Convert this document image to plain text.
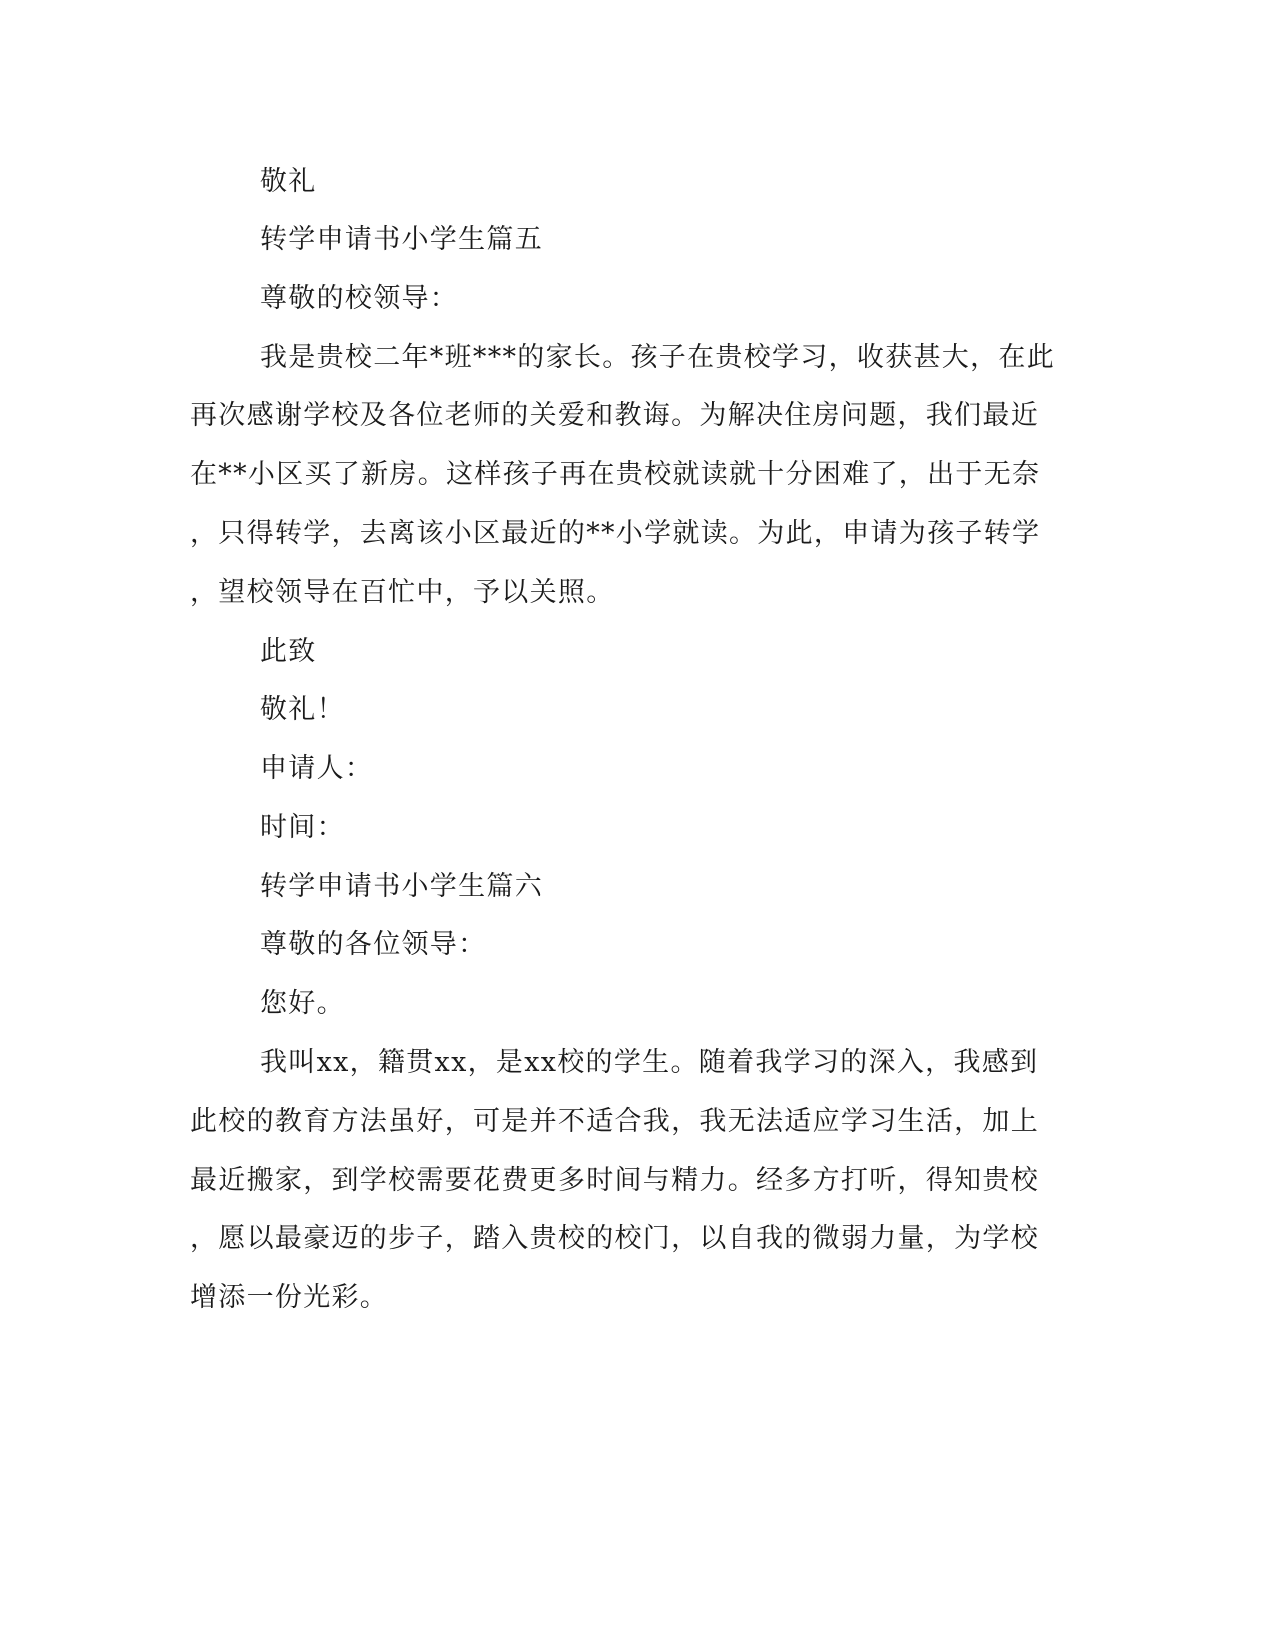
敬礼
转学申请书小学生篇五
尊敬的校领导：
我是贵校二年*班***的家长。孩子在贵校学习，收获甚大，在此
再次感谢学校及各位老师的关爱和教诲。为解决住房问题，我们最近
在**小区买了新房。这样孩子再在贵校就读就十分困难了，出于无奈
，只得转学，去离该小区最近的**小学就读。为此，申请为孩子转学
，望校领导在百忙中，予以关照。
此致
敬礼！
申请人：
时间：
转学申请书小学生篇六
尊敬的各位领导：
您好。
我叫xx，籍贯xx，是xx校的学生。随着我学习的深入，我感到
此校的教育方法虽好，可是并不适合我，我无法适应学习生活，加上
最近搬家，到学校需要花费更多时间与精力。经多方打听，得知贵校
，愿以最豪迈的步子，踏入贵校的校门，以自我的微弱力量，为学校
增添一份光彩。
